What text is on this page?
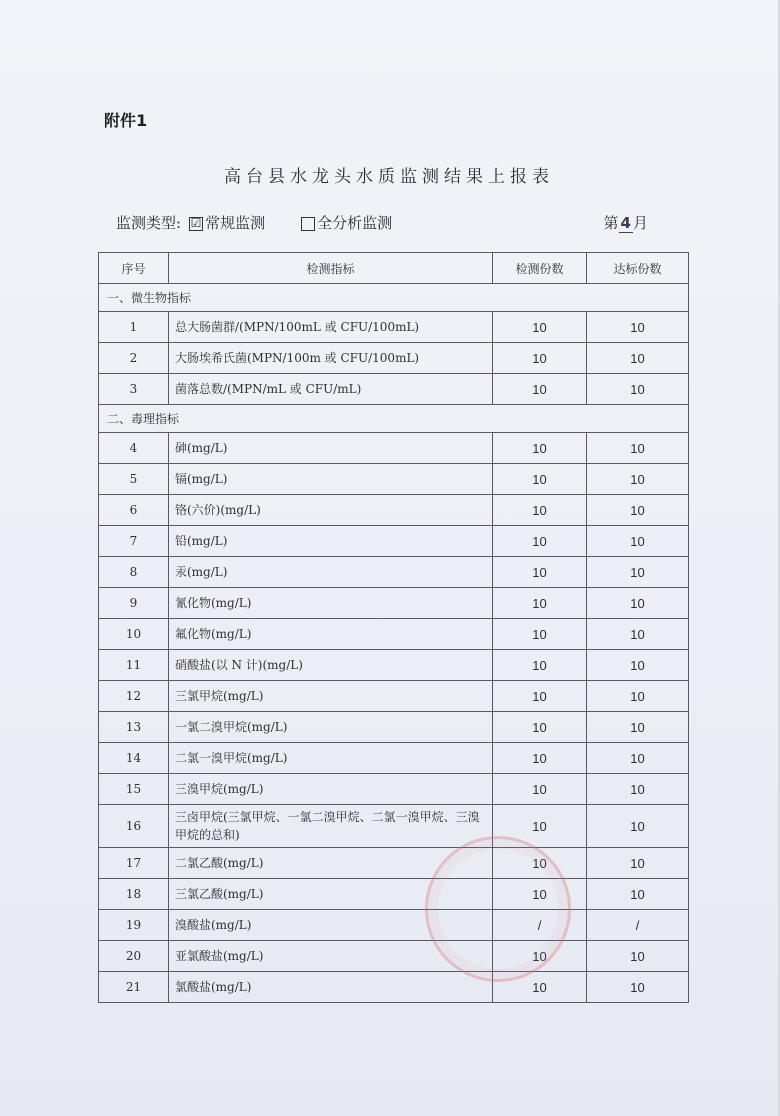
附件1
高台县水龙头水质监测结果上报表
监测类型: ☑ 常规监测	全分析监测	第 4 月
序号	检测指标	检测份数	达标份数
一、微生物指标			
1	总大肠菌群/(MPN/100mL 或 CFU/100mL)	10	10
2	大肠埃希氏菌(MPN/100m 或 CFU/100mL)	10	10
3	菌落总数/(MPN/mL 或 CFU/mL)	10	10
二、毒理指标			
4	砷(mg/L)	10	10
5	镉(mg/L)	10	10
6	铬(六价)(mg/L)	10	10
7	铅(mg/L)	10	10
8	汞(mg/L)	10	10
9	氰化物(mg/L)	10	10
10	氟化物(mg/L)	10	10
11	硝酸盐(以 N 计)(mg/L)	10	10
12	三氯甲烷(mg/L)	10	10
13	一氯二溴甲烷(mg/L)	10	10
14	二氯一溴甲烷(mg/L)	10	10
15	三溴甲烷(mg/L)	10	10
16	三卤甲烷(三氯甲烷、一氯二溴甲烷、二氯一溴甲烷、三溴甲烷的总和)	10	10
17	二氯乙酸(mg/L)	10	10
18	三氯乙酸(mg/L)	10	10
19	溴酸盐(mg/L)	/	/
20	亚氯酸盐(mg/L)	10	10
21	氯酸盐(mg/L)	10	10
